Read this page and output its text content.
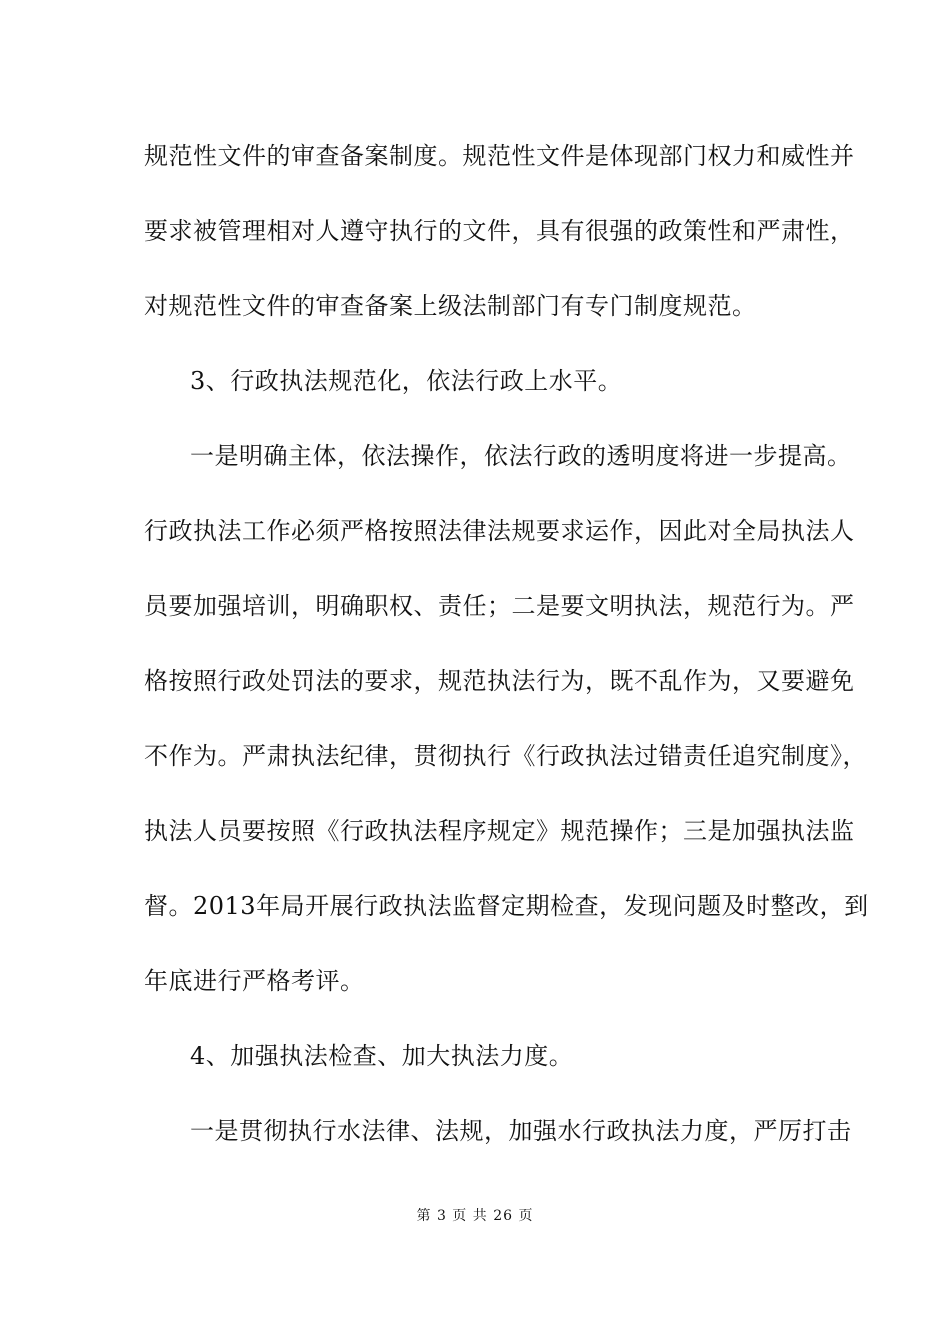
规范性文件的审查备案制度。规范性文件是体现部门权力和威性并
要求被管理相对人遵守执行的文件，具有很强的政策性和严肃性，
对规范性文件的审查备案上级法制部门有专门制度规范。
3、行政执法规范化，依法行政上水平。
一是明确主体，依法操作，依法行政的透明度将进一步提高。
行政执法工作必须严格按照法律法规要求运作，因此对全局执法人
员要加强培训，明确职权、责任；二是要文明执法，规范行为。严
格按照行政处罚法的要求，规范执法行为，既不乱作为，又要避免
不作为。严肃执法纪律，贯彻执行《行政执法过错责任追究制度》，
执法人员要按照《行政执法程序规定》规范操作；三是加强执法监
督。2013年局开展行政执法监督定期检查，发现问题及时整改，到
年底进行严格考评。
4、加强执法检查、加大执法力度。
一是贯彻执行水法律、法规，加强水行政执法力度，严厉打击
第 3 页 共 26 页
